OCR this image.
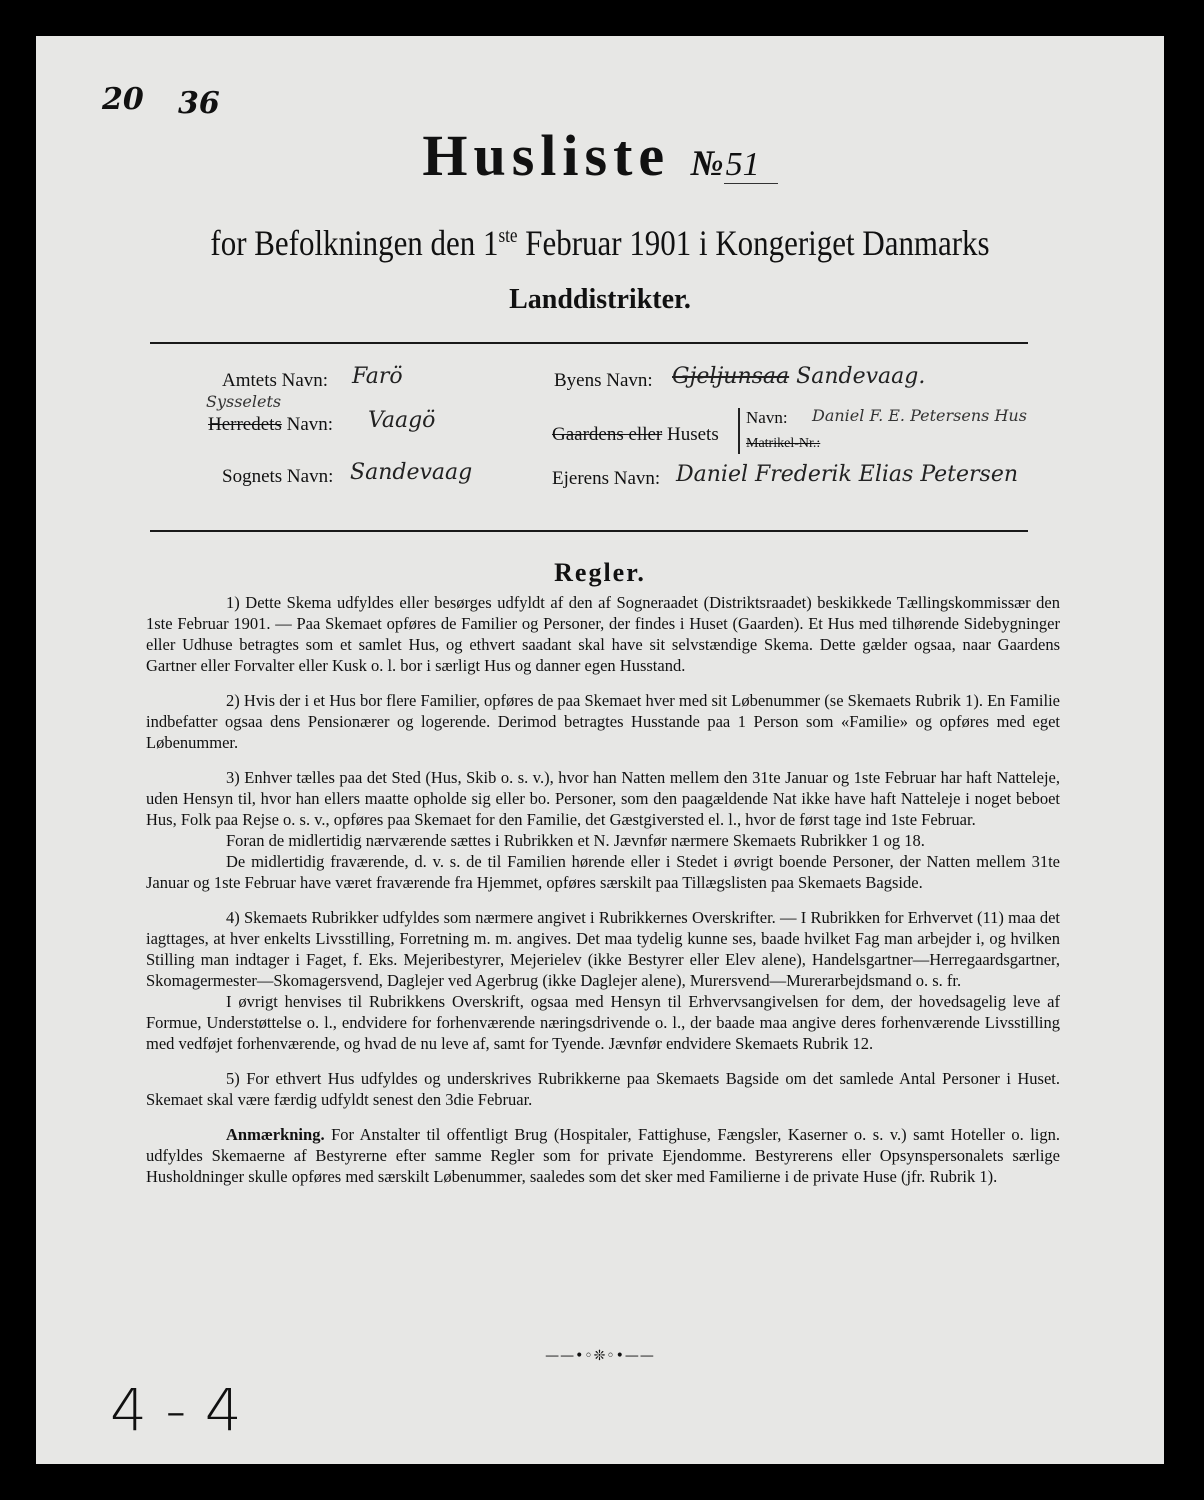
20 36
Husliste №51
for Befolkningen den 1ste Februar 1901 i Kongeriget Danmarks
Landdistrikter.
Amtets Navn: Farö
Sysselets
Herredets Navn: Vaagö
Sognets Navn: Sandevaag
Byens Navn: Gjeljunsaa Sandevaag.
Gaardens eller Husets
Navn: Daniel F. E. Petersens Hus
Matrikel-Nr.:
Ejerens Navn: Daniel Frederik Elias Petersen
Regler.

1) Dette Skema udfyldes eller besørges udfyldt af den af Sogneraadet (Distriktsraadet) beskikkede Tællingskommissær den 1ste Februar 1901. — Paa Skemaet opføres de Familier og Personer, der findes i Huset (Gaarden). Et Hus med tilhørende Sidebygninger eller Udhuse betragtes som et samlet Hus, og ethvert saadant skal have sit selvstændige Skema. Dette gælder ogsaa, naar Gaardens Gartner eller Forvalter eller Kusk o. l. bor i særligt Hus og danner egen Husstand.

2) Hvis der i et Hus bor flere Familier, opføres de paa Skemaet hver med sit Løbenummer (se Skemaets Rubrik 1). En Familie indbefatter ogsaa dens Pensionærer og logerende. Derimod betragtes Husstande paa 1 Person som «Familie» og opføres med eget Løbenummer.

3) Enhver tælles paa det Sted (Hus, Skib o. s. v.), hvor han Natten mellem den 31te Januar og 1ste Februar har haft Natteleje, uden Hensyn til, hvor han ellers maatte opholde sig eller bo. Personer, som den paagældende Nat ikke have haft Natteleje i noget beboet Hus, Folk paa Rejse o. s. v., opføres paa Skemaet for den Familie, det Gæstgiversted el. l., hvor de først tage ind 1ste Februar.

Foran de midlertidig nærværende sættes i Rubrikken et N. Jævnfør nærmere Skemaets Rubrikker 1 og 18.

De midlertidig fraværende, d. v. s. de til Familien hørende eller i Stedet i øvrigt boende Personer, der Natten mellem 31te Januar og 1ste Februar have været fraværende fra Hjemmet, opføres særskilt paa Tillægslisten paa Skemaets Bagside.

4) Skemaets Rubrikker udfyldes som nærmere angivet i Rubrikkernes Overskrifter. — I Rubrikken for Erhvervet (11) maa det iagttages, at hver enkelts Livsstilling, Forretning m. m. angives. Det maa tydelig kunne ses, baade hvilket Fag man arbejder i, og hvilken Stilling man indtager i Faget, f. Eks. Mejeribestyrer, Mejerielev (ikke Bestyrer eller Elev alene), Handelsgartner—Herregaardsgartner, Skomagermester—Skomagersvend, Daglejer ved Agerbrug (ikke Daglejer alene), Murersvend—Murerarbejdsmand o. s. fr.

I øvrigt henvises til Rubrikkens Overskrift, ogsaa med Hensyn til Erhvervsangivelsen for dem, der hovedsagelig leve af Formue, Understøttelse o. l., endvidere for forhenværende næringsdrivende o. l., der baade maa angive deres forhenværende Livsstilling med vedføjet forhenværende, og hvad de nu leve af, samt for Tyende. Jævnfør endvidere Skemaets Rubrik 12.

5) For ethvert Hus udfyldes og underskrives Rubrikkerne paa Skemaets Bagside om det samlede Antal Personer i Huset. Skemaet skal være færdig udfyldt senest den 3die Februar.

Anmærkning. For Anstalter til offentligt Brug (Hospitaler, Fattighuse, Fængsler, Kaserner o. s. v.) samt Hoteller o. lign. udfyldes Skemaerne af Bestyrerne efter samme Regler som for private Ejendomme. Bestyrerens eller Opsynspersonalets særlige Husholdninger skulle opføres med særskilt Løbenummer, saaledes som det sker med Familierne i de private Huse (jfr. Rubrik 1).

——•◦❊◦•——
4 - 4
